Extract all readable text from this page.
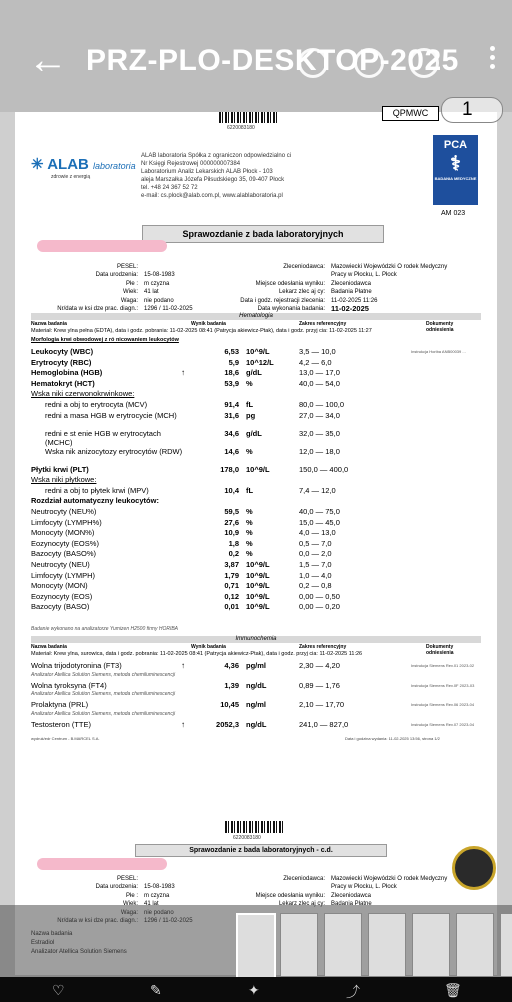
6220083180
✳ ALAB laboratoria
zdrowie z energią
ALAB laboratoria Spółka z ograniczon odpowiedzialno ci
Nr Księgi Rejestrowej 000000007384
Laboratorium Analiz Lekarskich ALAB Płock - 103
aleja Marszałka Józefa Piłsudskiego 35, 09-407 Płock
tel. +48 24 367 52 72
e-mail: cs.plock@alab.com.pl, www.alablaboratoria.pl
PCA
⚕
BADANIA MEDYCZNE
AM 023
Sprawozdanie z bada laboratoryjnych
PESEL:
Data urodzenia:	15-08-1983
Płe :	m czyzna
Wiek:	41 lat
Waga:	nie podano
Nr/data w ksi dze prac. diagn.:	1296 / 11-02-2025
Zleceniodawca:	Mazowiecki Wojewódzki O rodek Medyczny
Pracy w Płocku, L. Płock
Miejsce odesłania wyniku:	Zleceniodawca
Lekarz zlec aj cy:	Badania Płatne
Data i godz. rejestracji zlecenia:	11-02-2025 11:26
Data wykonania badania: 11-02-2025
Hematologia
Nazwa badania	Wynik badania	Zakres referencyjny	Dokumenty odniesienia
Materiał: Krew ylna pełna (EDTA), data i godz. pobrania: 11-02-2025 08:41 (Patrycja akiewicz-Ptak), data i godz. przyj cia: 11-02-2025 11:27
Morfologia krwi obwodowej z ró nicowaniem leukocytów
Leukocyty (WBC)	6,53 10^9/L	3,5 — 10,0	Instrukcja Horiba ANB00039 ...
Erytrocyty (RBC)	5,9 10^12/L	4,2 — 6,0
Hemoglobina (HGB)	↑	18,6 g/dL	13,0 — 17,0
Hematokryt (HCT)	53,9 %	40,0 — 54,0
Wska niki czerwonokrwinkowe:
redni a obj to erytrocyta (MCV)	91,4 fL	80,0 — 100,0
redni a masa HGB w erytrocycie (MCH)	31,6 pg	27,0 — 34,0
redni e st enie HGB w erytrocytach (MCHC)
34,6 g/dL	32,0 — 35,0
Wska nik anizocytozy erytrocytów (RDW)	14,6 %	12,0 — 18,0
Płytki krwi (PLT)	178,0 10^9/L	150,0 — 400,0
Wska niki płytkowe:
redni a obj to płytek krwi (MPV)	10,4 fL	7,4 — 12,0
Rozdział automatyczny leukocytów:
Neutrocyty (NEU%)	59,5 %	40,0 — 75,0
Limfocyty (LYMPH%)	27,6 %	15,0 — 45,0
Monocyty (MON%)	10,9 %	4,0 — 13,0
Eozynocyty (EOS%)	1,8 %	0,5 — 7,0
Bazocyty (BASO%)	0,2 %	0,0 — 2,0
Neutrocyty (NEU)	3,87 10^9/L	1,5 — 7,0
Limfocyty (LYMPH)	1,79 10^9/L	1,0 — 4,0
Monocyty (MON)	0,71 10^9/L	0,2 — 0,8
Eozynocyty (EOS)	0,12 10^9/L	0,00 — 0,50
Bazocyty (BASO)	0,01 10^9/L	0,00 — 0,20
Badanie wykonano na analizatorze Yumizen H2500 firmy HORIBA
Immunochemia
Nazwa badania	Wynik badania	Zakres referencyjny	Dokumenty odniesienia
Materiał: Krew ylna, surowica, data i godz. pobrania: 11-02-2025 08:41 (Patrycja akiewicz-Ptak), data i godz. przyj cia: 11-02-2025 11:26
Wolna trijodotyronina (FT3)	↑	4,36 pg/ml	2,30 — 4,20	Instrukcja Siemens Rev.01 2023-02
Analizator Atellica Solution Siemens, metoda chemiluminescencji
Wolna tyroksyna (FT4)	1,39 ng/dL	0,89 — 1,76	Instrukcja Siemens Rev.0F 2023-03
Analizator Atellica Solution Siemens, metoda chemiluminescencji
Prolaktyna (PRL)	10,45 ng/ml	2,10 — 17,70	Instrukcja Siemens Rev.06 2023-04
Analizator Atellica Solution Siemens, metoda chemiluminescencji
Testosteron (TTE)	↑	2052,3 ng/dL	241,0 — 827,0	Instrukcja Siemens Rev.07 2023-04
wydruk/edr Centrum - B.MARCEL S.A.	Data i godzina wydania: 11-02-2025 13:56, strona 1/2
6220083180
Sprawozdanie z bada laboratoryjnych - c.d.
PESEL:
Data urodzenia:	15-08-1983
Płe :	m czyzna
Zleceniodawca:	Mazowiecki Wojewódzki O rodek Medyczny
Pracy w Płocku, L. Płock
Miejsce odesłania wyniku:	Zleceniodawca
← PRZ-PLO-DESKTOP-2025
QPMWC	1
♡	✎	✦	⤴	🗑
